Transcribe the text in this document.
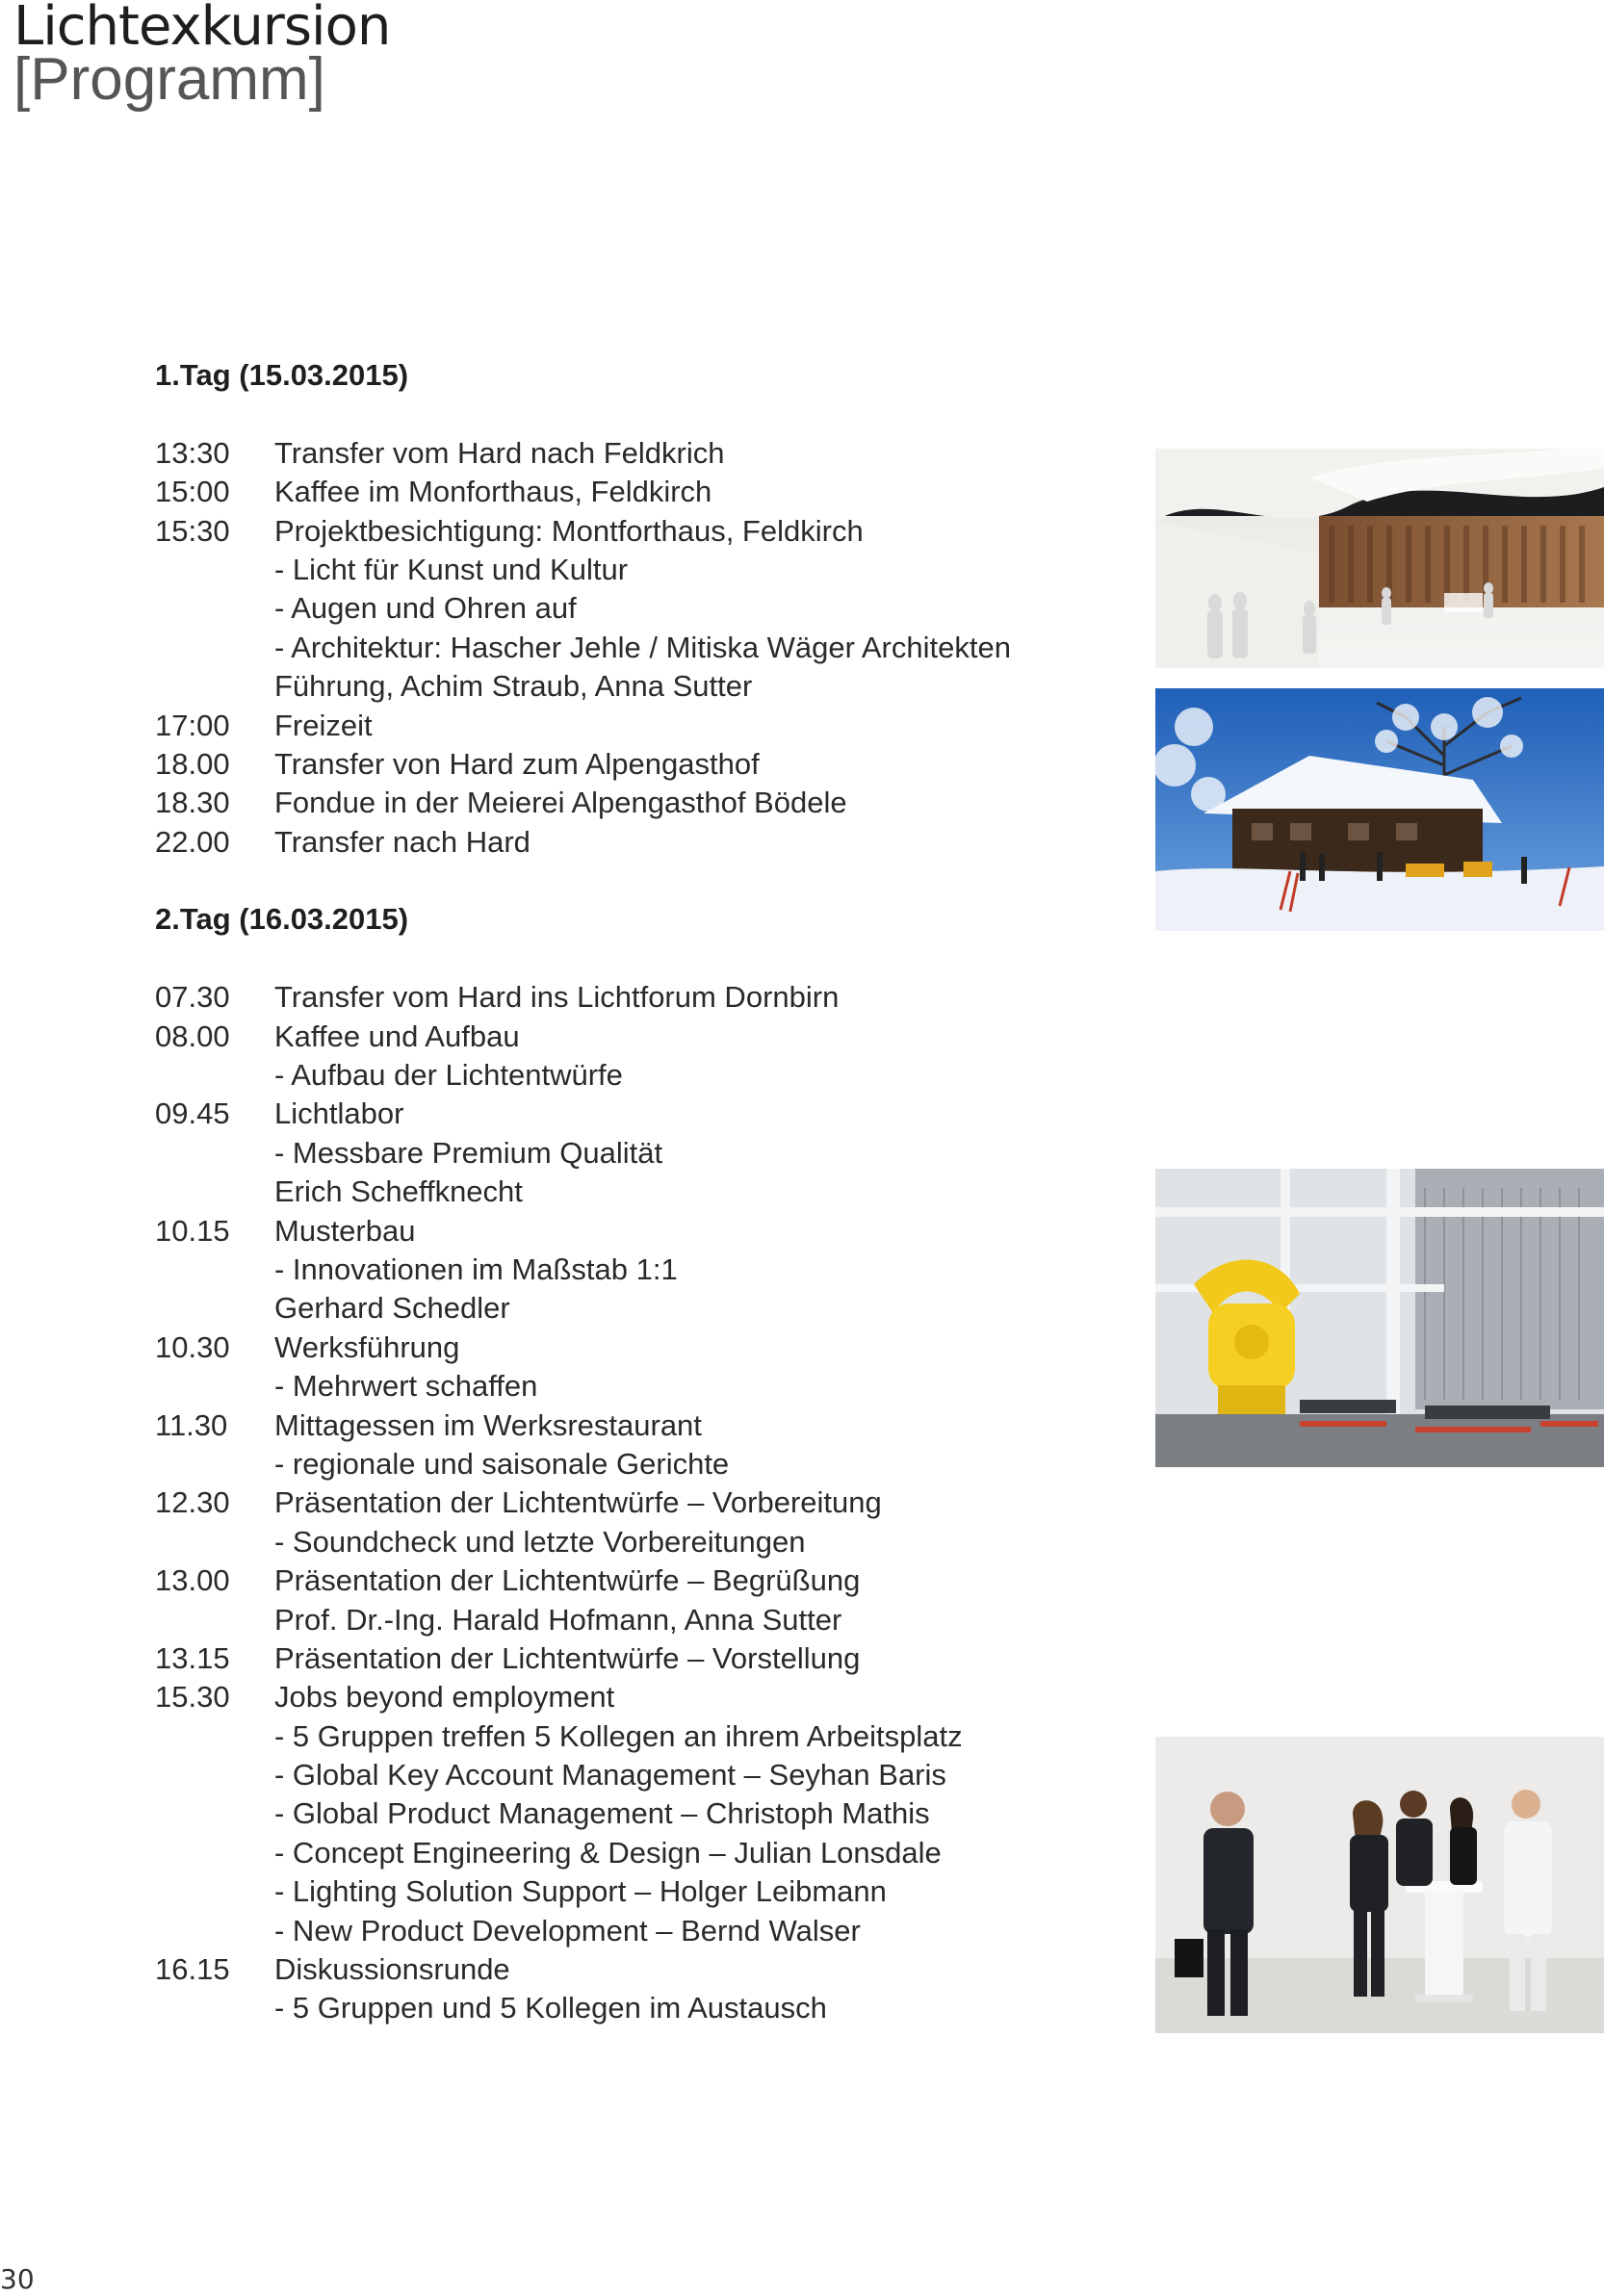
Lichtexkursion
[Programm]
1.Tag (15.03.2015)
13:30	Transfer vom Hard nach Feldkrich
15:00	Kaffee im Monforthaus, Feldkirch
15:30	Projektbesichtigung: Montforthaus, Feldkirch
- Licht für Kunst und Kultur
- Augen und Ohren auf
- Architektur: Hascher Jehle / Mitiska Wäger Architekten
Führung, Achim Straub, Anna Sutter
17:00	Freizeit
18.00	Transfer von Hard zum Alpengasthof
18.30	Fondue in der Meierei Alpengasthof Bödele
22.00	Transfer nach Hard
2.Tag (16.03.2015)
07.30	Transfer vom Hard ins Lichtforum Dornbirn
08.00	Kaffee und Aufbau
- Aufbau der Lichtentwürfe
09.45	Lichtlabor
- Messbare Premium Qualität
Erich Scheffknecht
10.15	Musterbau
- Innovationen im Maßstab 1:1
Gerhard Schedler
10.30	Werksführung
- Mehrwert schaffen
11.30	Mittagessen im Werksrestaurant
- regionale und saisonale Gerichte
12.30	Präsentation der Lichtentwürfe – Vorbereitung
- Soundcheck und letzte Vorbereitungen
13.00	Präsentation der Lichtentwürfe – Begrüßung
Prof. Dr.-Ing. Harald Hofmann, Anna Sutter
13.15	Präsentation der Lichtentwürfe – Vorstellung
15.30	Jobs beyond employment
- 5 Gruppen treffen 5 Kollegen an ihrem Arbeitsplatz
- Global Key Account Management – Seyhan Baris
- Global Product Management – Christoph Mathis
- Concept Engineering & Design – Julian Lonsdale
- Lighting Solution Support – Holger Leibmann
- New Product Development – Bernd Walser
16.15	Diskussionsrunde
- 5 Gruppen und 5 Kollegen im Austausch
30
